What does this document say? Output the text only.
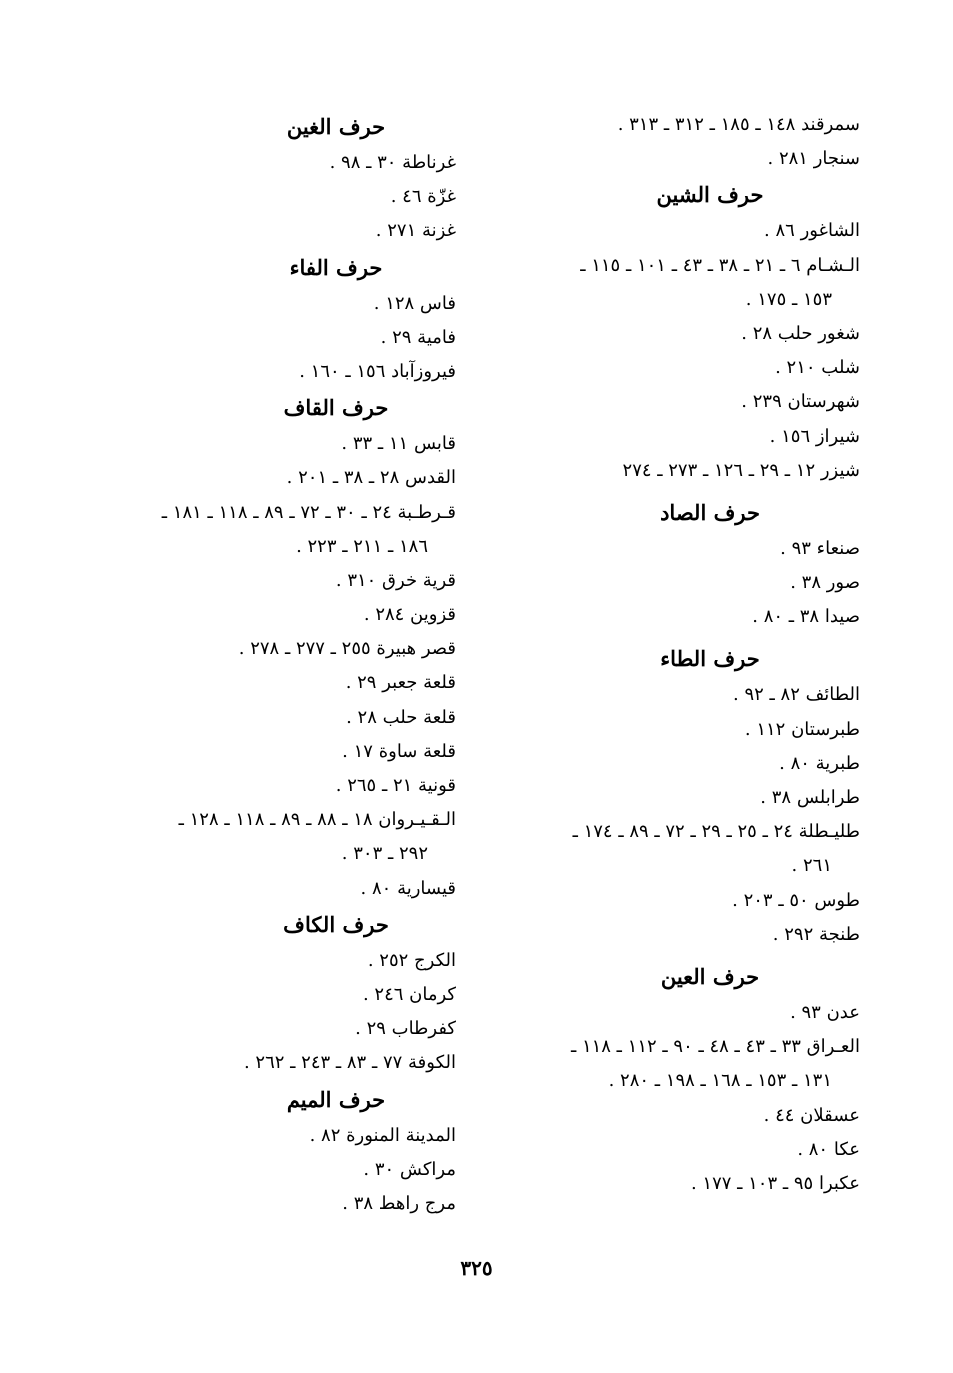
سمرقند ١٤٨ ـ ١٨٥ ـ ٣١٢ ـ ٣١٣ .

سنجار ٢٨١ .

حرف الشين

الشاغور ٨٦ .

الـشـام ٦ ـ ٢١ ـ ٣٨ ـ ٤٣ ـ ١٠١ ـ ١١٥ ـ

١٥٣ ـ ١٧٥ .

شغور حلب ٢٨ .

شلب ٢١٠ .

شهرستان ٢٣٩ .

شيراز ١٥٦ .

شيزر ١٢ ـ ٢٩ ـ ١٢٦ ـ ٢٧٣ ـ ٢٧٤

حرف الصاد

صنعاء ٩٣ .

صور ٣٨ .

صيدا ٣٨ ـ ٨٠ .

حرف الطاء

الطائف ٨٢ ـ ٩٢ .

طبرستان ١١٢ .

طبرية ٨٠ .

طرابلس ٣٨ .

طليـطلة ٢٤ ـ ٢٥ ـ ٢٩ ـ ٧٢ ـ ٨٩ ـ ١٧٤ ـ

٢٦١ .

طوس ٥٠ ـ ٢٠٣ .

طنجة ٢٩٢ .

حرف العين

عدن ٩٣ .

العـراق ٣٣ ـ ٤٣ ـ ٤٨ ـ ٩٠ ـ ١١٢ ـ ١١٨ ـ

١٣١ ـ ١٥٣ ـ ١٦٨ ـ ١٩٨ ـ ٢٨٠ .

عسقلان ٤٤ .

عكا ٨٠ .

عكبرا ٩٥ ـ ١٠٣ ـ ١٧٧ .

حرف الغين

غرناطة ٣٠ ـ ٩٨ .

غزّة ٤٦ .

غزنة ٢٧١ .

حرف الفاء

فاس ١٢٨ .

فامية ٢٩ .

فيروزآباد ١٥٦ ـ ١٦٠ .

حرف القاف

قابس ١١ ـ ٣٣ .

القدس ٢٨ ـ ٣٨ ـ ٢٠١ .

قـرطـبة ٢٤ ـ ٣٠ ـ ٧٢ ـ ٨٩ ـ ١١٨ ـ ١٨١ ـ

١٨٦ ـ ٢١١ ـ ٢٢٣ .

قرية خرق ٣١٠ .

قزوين ٢٨٤ .

قصر هبيرة ٢٥٥ ـ ٢٧٧ ـ ٢٧٨ .

قلعة جعبر ٢٩ .

قلعة حلب ٢٨ .

قلعة ساوة ١٧ .

قونية ٢١ ـ ٢٦٥ .

الـقـيـروان ١٨ ـ ٨٨ ـ ٨٩ ـ ١١٨ ـ ١٢٨ ـ

٢٩٢ ـ ٣٠٣ .

قيسارية ٨٠ .

حرف الكاف

الكرج ٢٥٢ .

كرمان ٢٤٦ .

كفرطاب ٢٩ .

الكوفة ٧٧ ـ ٨٣ ـ ٢٤٣ ـ ٢٦٢ .

حرف الميم

المدينة المنورة ٨٢ .

مراكش ٣٠ .

مرج راهط ٣٨ .

٣٢٥
